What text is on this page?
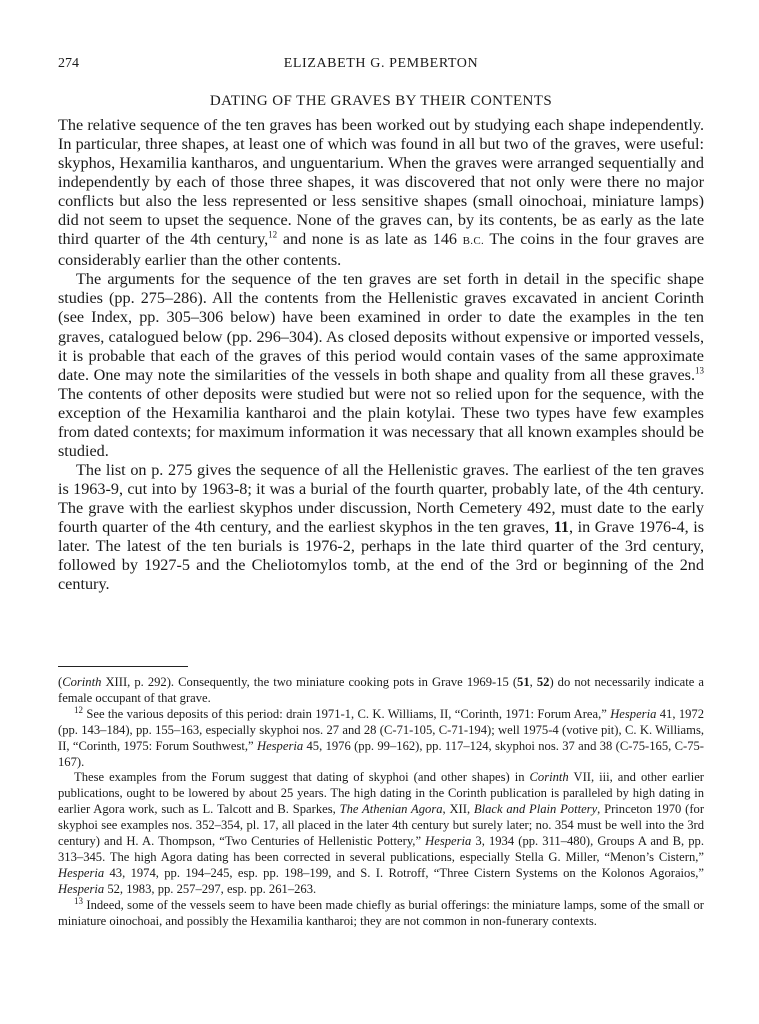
274	ELIZABETH G. PEMBERTON
DATING OF THE GRAVES BY THEIR CONTENTS

The relative sequence of the ten graves has been worked out by studying each shape independently. In particular, three shapes, at least one of which was found in all but two of the graves, were useful: skyphos, Hexamilia kantharos, and unguentarium. When the graves were arranged sequentially and independently by each of those three shapes, it was discovered that not only were there no major conflicts but also the less represented or less sensitive shapes (small oinochoai, miniature lamps) did not seem to upset the sequence. None of the graves can, by its contents, be as early as the late third quarter of the 4th century,$^{12}$ and none is as late as 146 B.C. The coins in the four graves are considerably earlier than the other contents.

The arguments for the sequence of the ten graves are set forth in detail in the specific shape studies (pp. 275–286). All the contents from the Hellenistic graves excavated in ancient Corinth (see Index, pp. 305–306 below) have been examined in order to date the examples in the ten graves, catalogued below (pp. 296–304). As closed deposits without expensive or imported vessels, it is probable that each of the graves of this period would contain vases of the same approximate date. One may note the similarities of the vessels in both shape and quality from all these graves.$^{13}$ The contents of other deposits were studied but were not so relied upon for the sequence, with the exception of the Hexamilia kantharoi and the plain kotylai. These two types have few examples from dated contexts; for maximum information it was necessary that all known examples should be studied.

The list on p. 275 gives the sequence of all the Hellenistic graves. The earliest of the ten graves is 1963-9, cut into by 1963-8; it was a burial of the fourth quarter, probably late, of the 4th century. The grave with the earliest skyphos under discussion, North Cemetery 492, must date to the early fourth quarter of the 4th century, and the earliest skyphos in the ten graves, 11, in Grave 1976-4, is later. The latest of the ten burials is 1976-2, perhaps in the late third quarter of the 3rd century, followed by 1927-5 and the Cheliotomylos tomb, at the end of the 3rd or beginning of the 2nd century.

(Corinth XIII, p. 292). Consequently, the two miniature cooking pots in Grave 1969-15 (51, 52) do not necessarily indicate a female occupant of that grave.

$^{12}$ See the various deposits of this period: drain 1971-1, C. K. Williams, II, “Corinth, 1971: Forum Area,” Hesperia 41, 1972 (pp. 143–184), pp. 155–163, especially skyphoi nos. 27 and 28 (C-71-105, C-71-194); well 1975-4 (votive pit), C. K. Williams, II, “Corinth, 1975: Forum Southwest,” Hesperia 45, 1976 (pp. 99–162), pp. 117–124, skyphoi nos. 37 and 38 (C-75-165, C-75-167).

These examples from the Forum suggest that dating of skyphoi (and other shapes) in Corinth VII, iii, and other earlier publications, ought to be lowered by about 25 years. The high dating in the Corinth publication is paralleled by high dating in earlier Agora work, such as L. Talcott and B. Sparkes, The Athenian Agora, XII, Black and Plain Pottery, Princeton 1970 (for skyphoi see examples nos. 352–354, pl. 17, all placed in the later 4th century but surely later; no. 354 must be well into the 3rd century) and H. A. Thompson, “Two Centuries of Hellenistic Pottery,” Hesperia 3, 1934 (pp. 311–480), Groups A and B, pp. 313–345. The high Agora dating has been corrected in several publications, especially Stella G. Miller, “Menon’s Cistern,” Hesperia 43, 1974, pp. 194–245, esp. pp. 198–199, and S. I. Rotroff, “Three Cistern Systems on the Kolonos Agoraios,” Hesperia 52, 1983, pp. 257–297, esp. pp. 261–263.

$^{13}$ Indeed, some of the vessels seem to have been made chiefly as burial offerings: the miniature lamps, some of the small or miniature oinochoai, and possibly the Hexamilia kantharoi; they are not common in non-funerary contexts.
